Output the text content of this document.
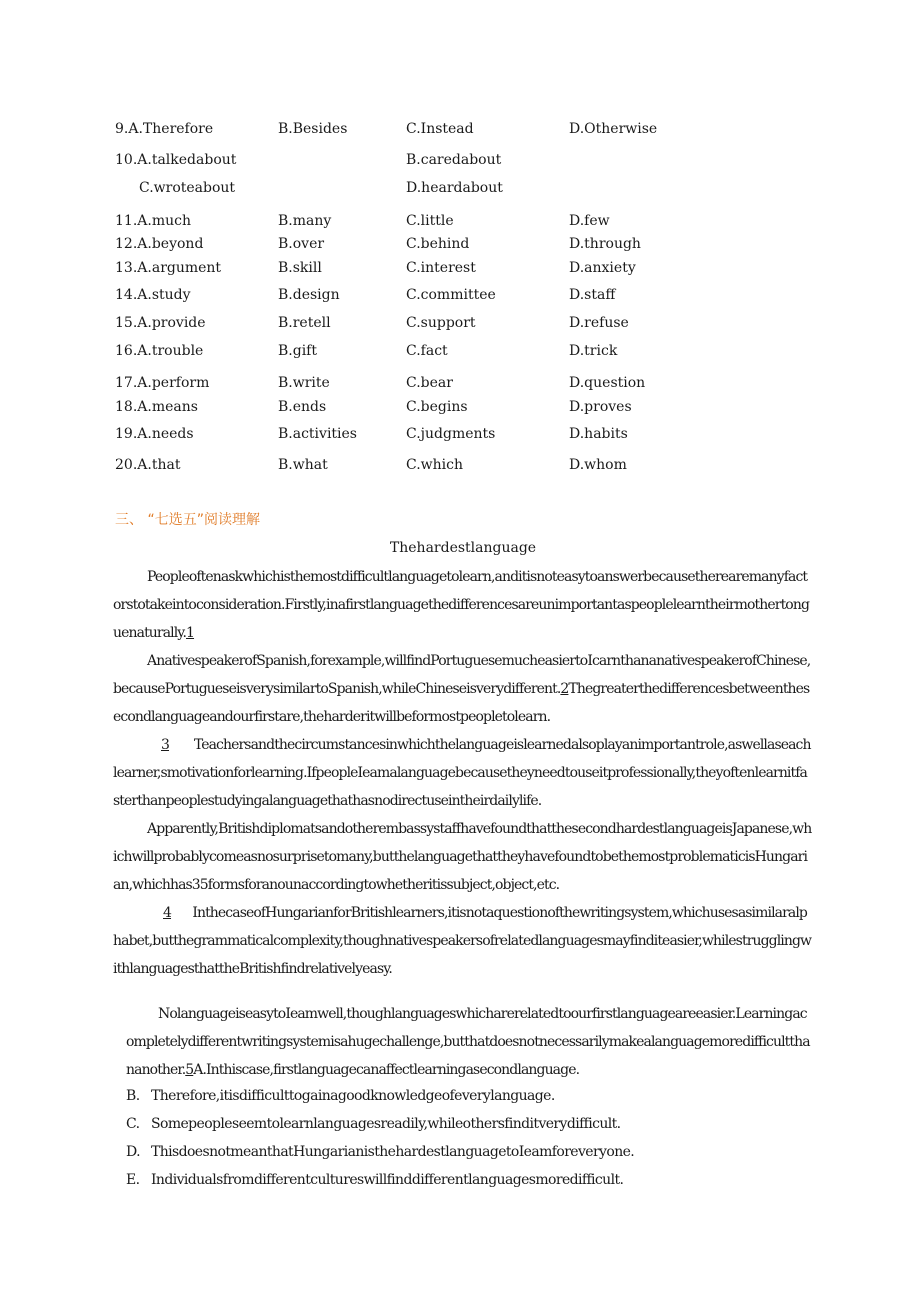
9.A.Therefore	B.Besides	C.Instead	D.Otherwise
10.A.talkedabout	B.caredabout
C.wroteabout	D.heardabout
11.A.much	B.many	C.little	D.few
12.A.beyond	B.over	C.behind	D.through
13.A.argument	B.skill	C.interest	D.anxiety
14.A.study	B.design	C.committee	D.staff
15.A.provide	B.retell	C.support	D.refuse
16.A.trouble	B.gift	C.fact	D.trick
17.A.perform	B.write	C.bear	D.question
18.A.means	B.ends	C.begins	D.proves
19.A.needs	B.activities	C.judgments	D.habits
20.A.that	B.what	C.which	D.whom
三、 “七选五”阅读理解
Thehardestlanguage
Peopleoftenaskwhichisthemostdifficultlanguagetolearn,anditisnoteasytoanswerbecausetherearemanyfactorstotakeintoconsideration.Firstly,inafirstlanguagethedifferencesareunimportantaspeoplelearntheirmothertonguenaturally.1
AnativespeakerofSpanish,forexample,willfindPortuguesemucheasiertoIcarnthananativespeakerofChinese,becausePortugueseisverysimilartoSpanish,whileChineseisverydifferent.2Thegreaterthedifferencesbetweenthesecondlanguageandourfirstare,theharderitwillbeformostpeopletolearn.
3 Teachersandthecircumstancesinwhichthelanguageislearnedalsoplayanimportantrole,aswellaseachlearner,smotivationforlearning.IfpeopleIeamalanguagebecausetheyneedtouseitprofessionally,theyoftenlearnitfasterthanpeoplestudyingalanguagethathasnodirectuseintheirdailylife.
Apparently,BritishdiplomatsandotherembassystaffhavefoundthatthesecondhardestlanguageisJapanese,whichwillprobablycomeasnosurprisetomany,butthelanguagethattheyhavefoundtobethemostproblematicisHungarian,whichhas35formsforanounaccordingtowhetheritissubject,object,etc.
4 InthecaseofHungarianforBritishlearners,itisnotaquestionofthewritingsystem,whichusesasimilaralphabet,butthegrammaticalcomplexity,thoughnativespeakersofrelatedlanguagesmayfinditeasier,whilestrugglingwithlanguagesthattheBritishfindrelativelyeasy.
NolanguageiseasytoIeamwell,thoughlanguageswhicharerelatedtoourfirstlanguageareeasier.Learningacompletelydifferentwritingsystemisahugechallenge,butthatdoesnotnecessarilymakealanguagemoredifficultthananother.5A.Inthiscase,firstlanguagecanaffectlearningasecondlanguage.
B. Therefore,itisdifficulttogainagoodknowledgeofeverylanguage.
C. Somepeopleseemtolearnlanguagesreadily,whileothersfinditverydifficult.
D. ThisdoesnotmeanthatHungarianisthehardestlanguagetoIeamforeveryone.
E. Individualsfromdifferentcultureswillfinddifferentlanguagesmoredifficult.
